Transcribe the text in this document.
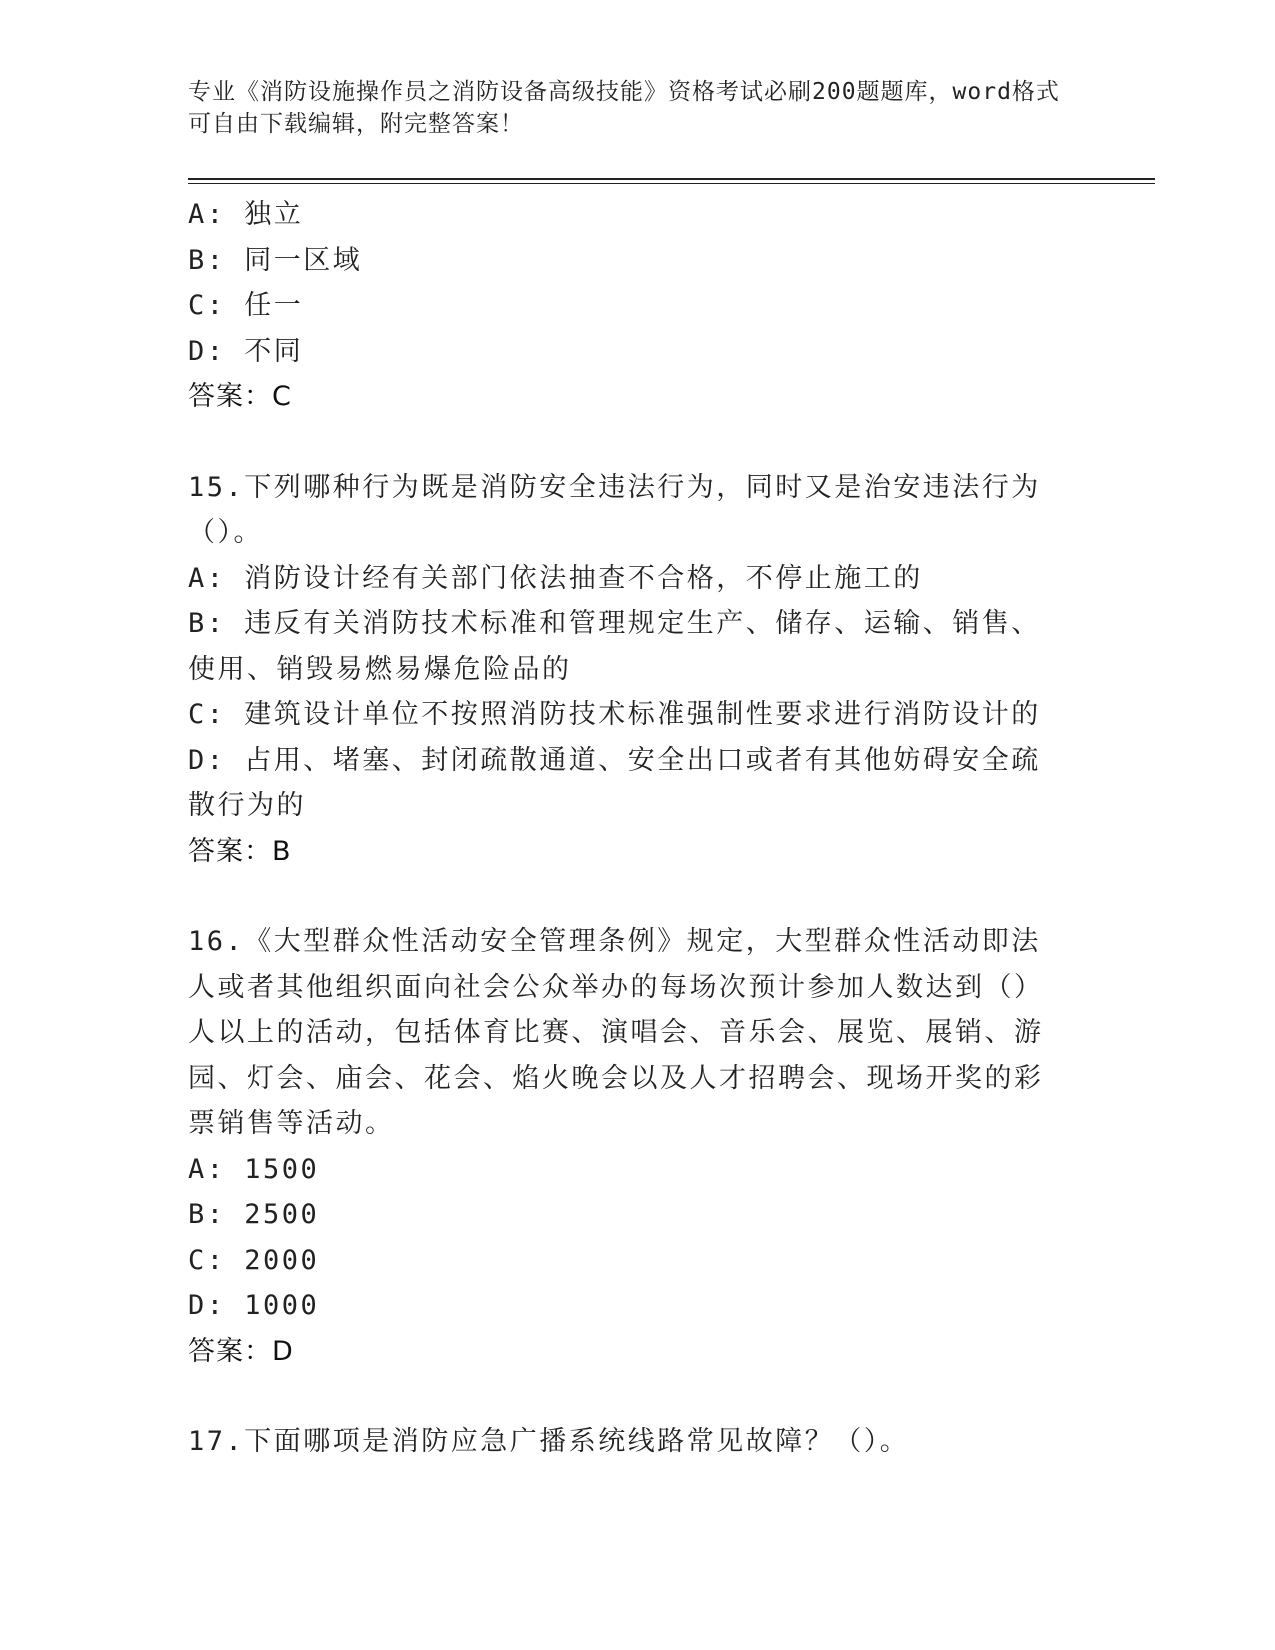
专业《消防设施操作员之消防设备高级技能》资格考试必刷200题题库，word格式可自由下载编辑，附完整答案！
A: 独立
B: 同一区域
C: 任一
D: 不同
答案：C
15.下列哪种行为既是消防安全违法行为，同时又是治安违法行为（）。
A: 消防设计经有关部门依法抽查不合格，不停止施工的
B: 违反有关消防技术标准和管理规定生产、储存、运输、销售、使用、销毁易燃易爆危险品的
C: 建筑设计单位不按照消防技术标准强制性要求进行消防设计的
D: 占用、堵塞、封闭疏散通道、安全出口或者有其他妨碍安全疏散行为的
答案：B
16.《大型群众性活动安全管理条例》规定，大型群众性活动即法人或者其他组织面向社会公众举办的每场次预计参加人数达到（）人以上的活动，包括体育比赛、演唱会、音乐会、展览、展销、游园、灯会、庙会、花会、焰火晚会以及人才招聘会、现场开奖的彩票销售等活动。
A: 1500
B: 2500
C: 2000
D: 1000
答案：D
17.下面哪项是消防应急广播系统线路常见故障？（）。
